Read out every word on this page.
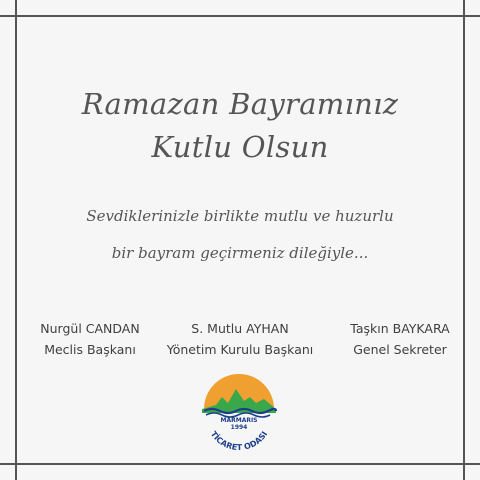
Ramazan Bayramınız
Kutlu Olsun
Sevdiklerinizle birlikte mutlu ve huzurlu
bir bayram geçirmeniz dileğiyle...
Nurgül CANDAN
Meclis Başkanı
S. Mutlu AYHAN
Yönetim Kurulu Başkanı
Taşkın BAYKARA
Genel Sekreter
TİCARET ODASI
MARMARIS
1994
